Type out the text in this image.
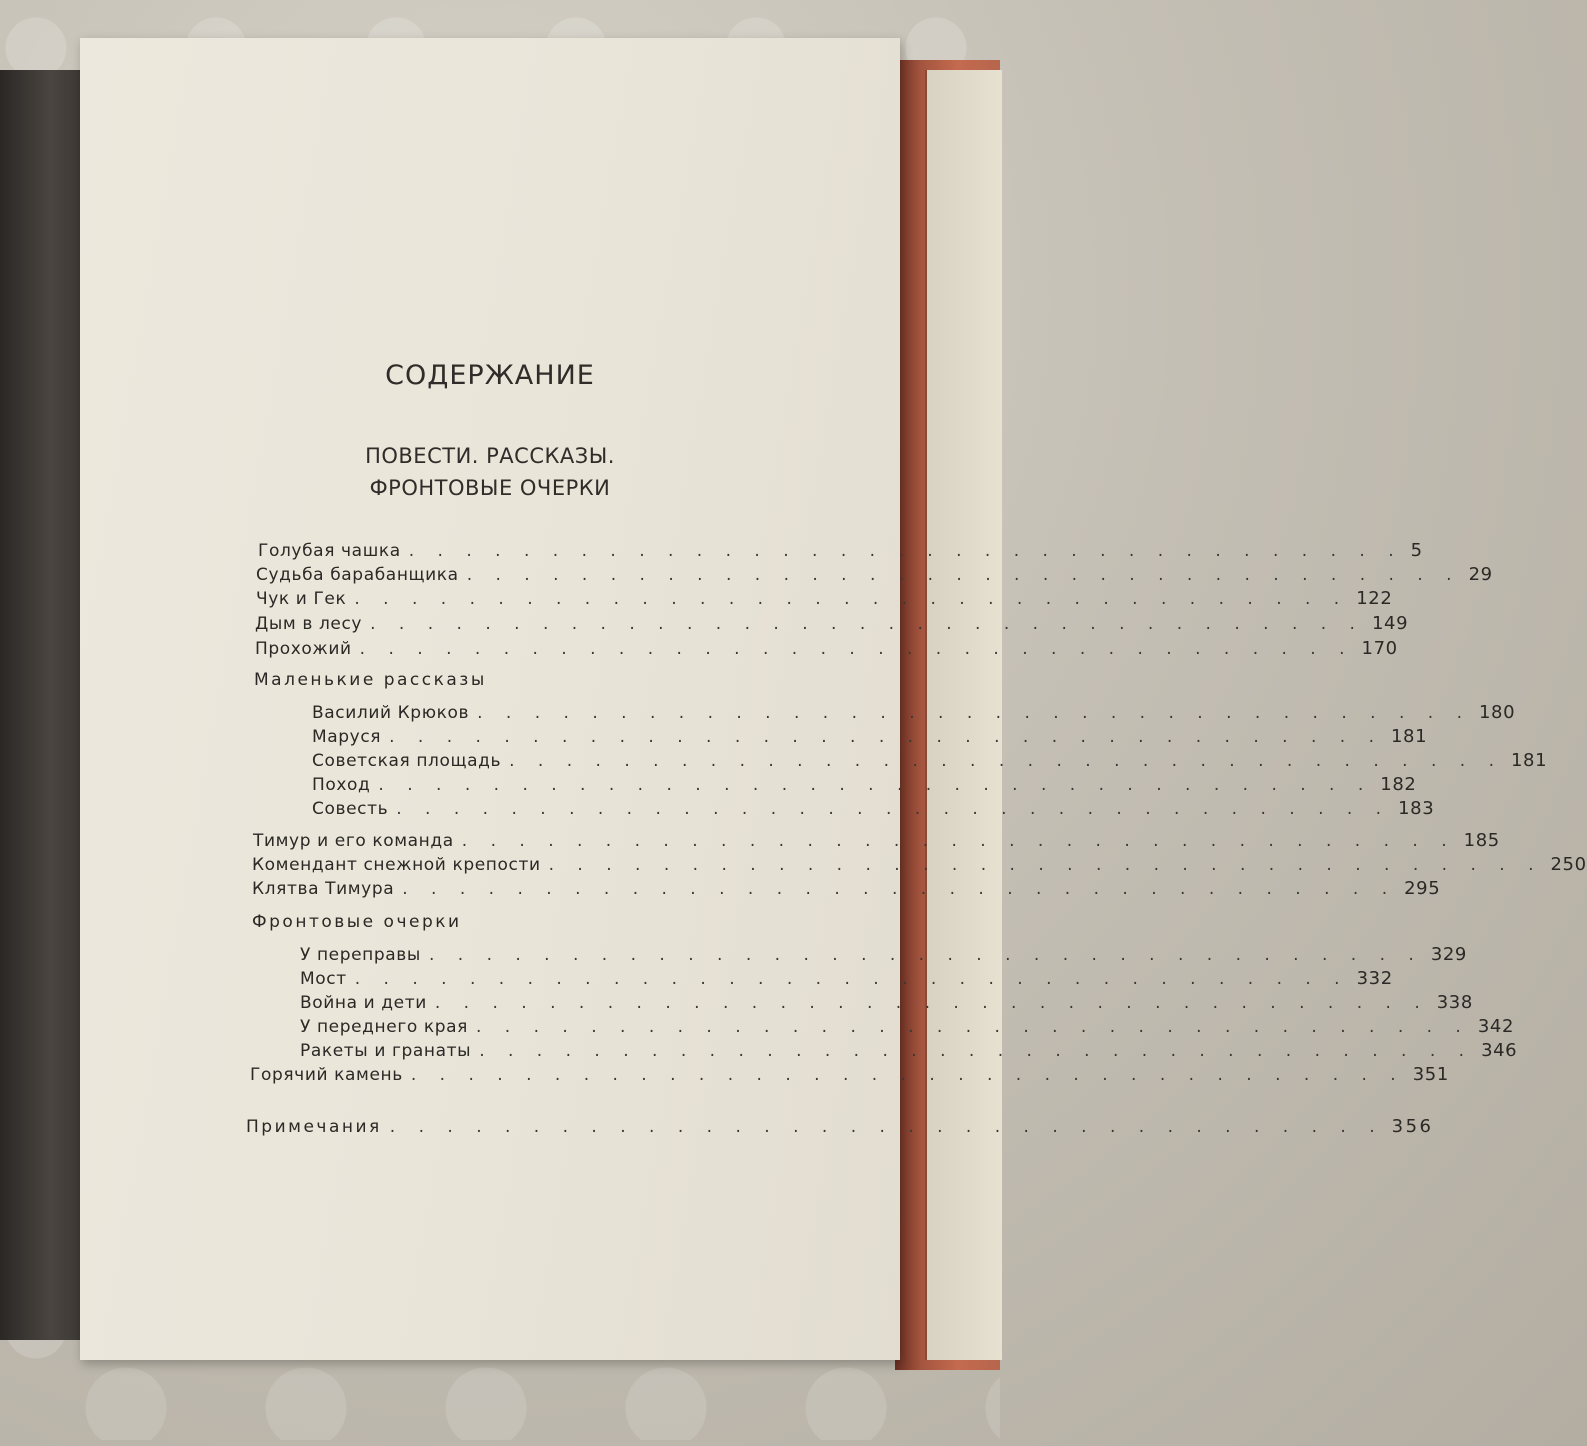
СОДЕРЖАНИЕ
ПОВЕСТИ. РАССКАЗЫ.
ФРОНТОВЫЕ ОЧЕРКИ
Голубая чашка . . . . . . . . . . . . . . . . . . . . . . . . . . . . . . . . . . . 5
Судьба барабанщика . . . . . . . . . . . . . . . . . . . . . . . . . . . . . . . . . . . 29
Чук и Гек . . . . . . . . . . . . . . . . . . . . . . . . . . . . . . . . . . . 122
Дым в лесу . . . . . . . . . . . . . . . . . . . . . . . . . . . . . . . . . . . 149
Прохожий . . . . . . . . . . . . . . . . . . . . . . . . . . . . . . . . . . . 170
Маленькие рассказы
Василий Крюков . . . . . . . . . . . . . . . . . . . . . . . . . . . . . . . . . . . 180
Маруся . . . . . . . . . . . . . . . . . . . . . . . . . . . . . . . . . . . 181
Советская площадь . . . . . . . . . . . . . . . . . . . . . . . . . . . . . . . . . . . 181
Поход . . . . . . . . . . . . . . . . . . . . . . . . . . . . . . . . . . . 182
Совесть . . . . . . . . . . . . . . . . . . . . . . . . . . . . . . . . . . . 183
Тимур и его команда . . . . . . . . . . . . . . . . . . . . . . . . . . . . . . . . . . . 185
Комендант снежной крепости . . . . . . . . . . . . . . . . . . . . . . . . . . . . . . . . . . . 250
Клятва Тимура . . . . . . . . . . . . . . . . . . . . . . . . . . . . . . . . . . . 295
Фронтовые очерки
У переправы . . . . . . . . . . . . . . . . . . . . . . . . . . . . . . . . . . . 329
Мост . . . . . . . . . . . . . . . . . . . . . . . . . . . . . . . . . . . 332
Война и дети . . . . . . . . . . . . . . . . . . . . . . . . . . . . . . . . . . . 338
У переднего края . . . . . . . . . . . . . . . . . . . . . . . . . . . . . . . . . . . 342
Ракеты и гранаты . . . . . . . . . . . . . . . . . . . . . . . . . . . . . . . . . . . 346
Горячий камень . . . . . . . . . . . . . . . . . . . . . . . . . . . . . . . . . . . 351
Примечания . . . . . . . . . . . . . . . . . . . . . . . . . . . . . . . . . . . 356
